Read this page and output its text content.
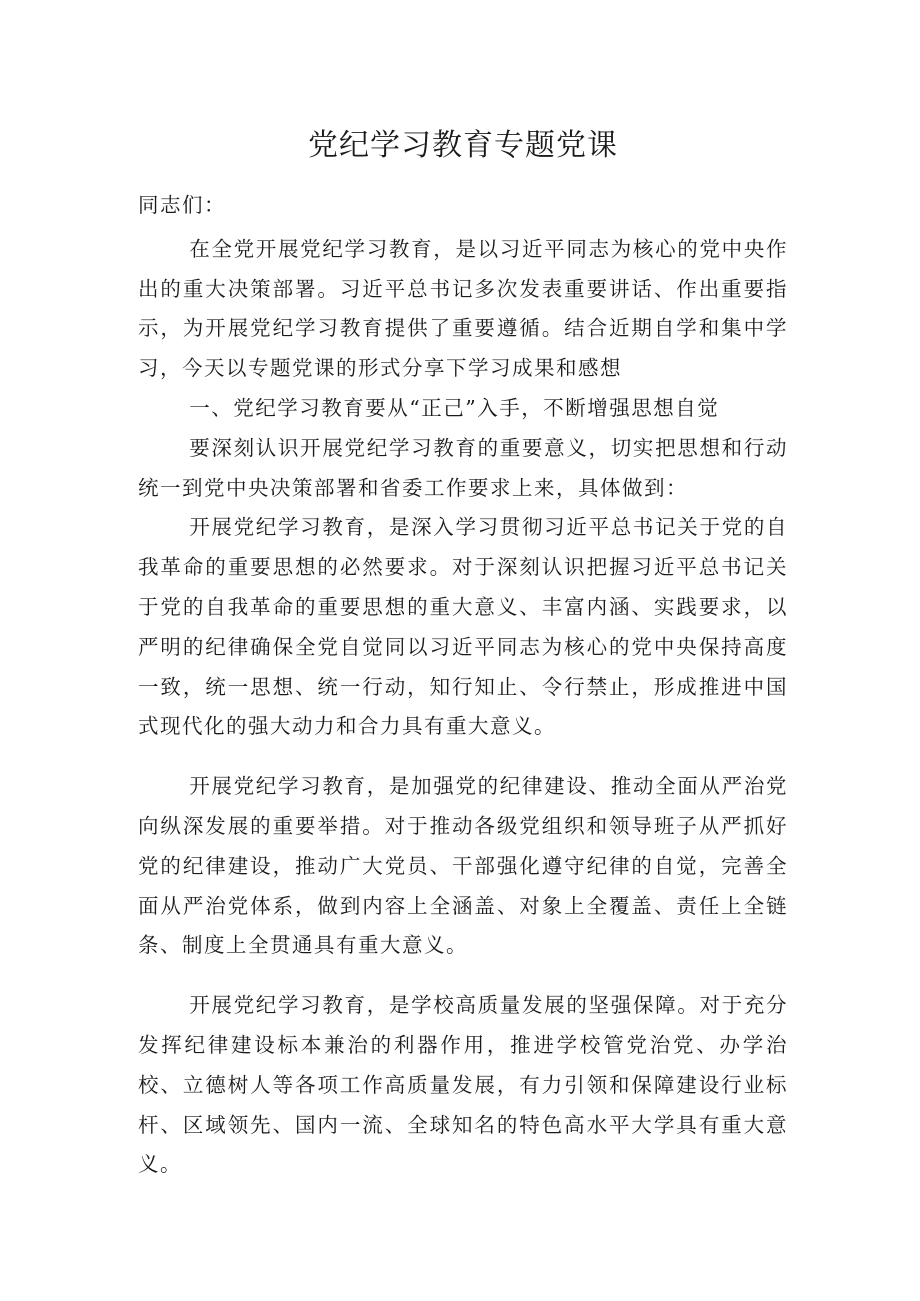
党纪学习教育专题党课

同志们：

在全党开展党纪学习教育，是以习近平同志为核心的党中央作出的重大决策部署。习近平总书记多次发表重要讲话、作出重要指示，为开展党纪学习教育提供了重要遵循。结合近期自学和集中学习，今天以专题党课的形式分享下学习成果和感想

一、党纪学习教育要从“正己”入手，不断增强思想自觉

要深刻认识开展党纪学习教育的重要意义，切实把思想和行动统一到党中央决策部署和省委工作要求上来，具体做到：

开展党纪学习教育，是深入学习贯彻习近平总书记关于党的自我革命的重要思想的必然要求。对于深刻认识把握习近平总书记关于党的自我革命的重要思想的重大意义、丰富内涵、实践要求，以严明的纪律确保全党自觉同以习近平同志为核心的党中央保持高度一致，统一思想、统一行动，知行知止、令行禁止，形成推进中国式现代化的强大动力和合力具有重大意义。

开展党纪学习教育，是加强党的纪律建设、推动全面从严治党向纵深发展的重要举措。对于推动各级党组织和领导班子从严抓好党的纪律建设，推动广大党员、干部强化遵守纪律的自觉，完善全面从严治党体系，做到内容上全涵盖、对象上全覆盖、责任上全链条、制度上全贯通具有重大意义。

开展党纪学习教育，是学校高质量发展的坚强保障。对于充分发挥纪律建设标本兼治的利器作用，推进学校管党治党、办学治校、立德树人等各项工作高质量发展，有力引领和保障建设行业标杆、区域领先、国内一流、全球知名的特色高水平大学具有重大意义。
